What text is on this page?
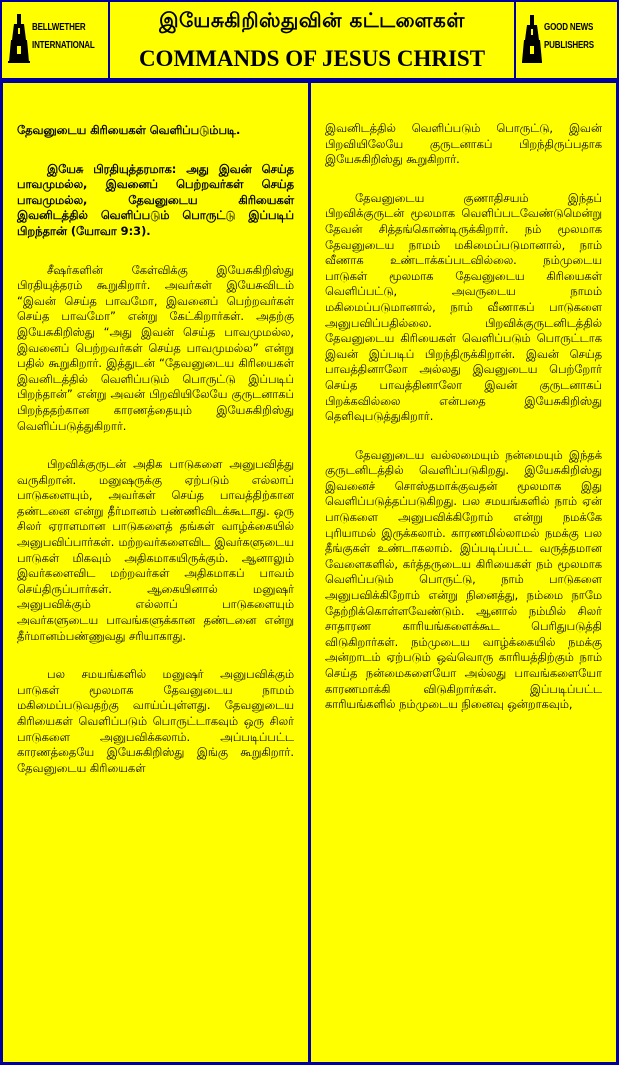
BELLWETHER
INTERNATIONAL
இயேசுகிறிஸ்துவின் கட்டளைகள்
COMMANDS OF JESUS CHRIST
GOOD NEWS
PUBLISHERS

தேவனுடைய கிரியைகள் வெளிப்படும்படி.

இயேசு பிரதியுத்தரமாக: அது இவன் செய்த பாவமுமல்ல, இவனைப் பெற்றவர்கள் செய்த பாவமுமல்ல, தேவனுடைய கிரியைகள் இவனிடத்தில் வெளிப்படும் பொருட்டு இப்படிப் பிறந்தான் (யோவா 9:3).

சீஷர்களின் கேள்விக்கு இயேசுகிறிஸ்து பிரதியுத்தரம் கூறுகிறார். அவர்கள் இயேசுவிடம் “இவன் செய்த பாவமோ, இவனைப் பெற்றவர்கள் செய்த பாவமோ” என்று கேட்கிறார்கள். அதற்கு இயேசுகிறிஸ்து “அது இவன் செய்த பாவமுமல்ல, இவனைப் பெற்றவர்கள் செய்த பாவமுமல்ல” என்று பதில் கூறுகிறார். இத்துடன் “தேவனுடைய கிரியைகள் இவனிடத்தில் வெளிப்படும் பொருட்டு இப்படிப் பிறந்தான்” என்று அவன் பிறவியிலேயே குருடனாகப் பிறந்ததற்கான காரணத்தையும் இயேசுகிறிஸ்து வெளிப்படுத்துகிறார்.

பிறவிக்குருடன் அதிக பாடுகளை அனுபவித்து வருகிறான். மனுஷருக்கு ஏற்படும் எல்லாப் பாடுகளையும், அவர்கள் செய்த பாவத்திற்கான தண்டனை என்று தீர்மானம் பண்ணிவிடக்கூடாது. ஒரு சிலர் ஏராளமான பாடுகளைத் தங்கள் வாழ்க்கையில் அனுபவிப்பார்கள். மற்றவர்களைவிட இவர்களுடைய பாடுகள் மிகவும் அதிகமாகயிருக்கும். ஆனாலும் இவர்களைவிட மற்றவர்கள் அதிகமாகப் பாவம் செய்திருப்பார்கள். ஆகையினால் மனுஷர் அனுபவிக்கும் எல்லாப் பாடுகளையும் அவர்களுடைய பாவங்களுக்கான தண்டனை என்று தீர்மானம்பண்ணுவது சரியாகாது.

பல சமயங்களில் மனுஷர் அனுபவிக்கும் பாடுகள் மூலமாக தேவனுடைய நாமம் மகிமைப்படுவதற்கு வாய்ப்புள்ளது. தேவனுடைய கிரியைகள் வெளிப்படும் பொருட்டாகவும் ஒரு சிலர் பாடுகளை அனுபவிக்கலாம். அப்படிப்பட்ட காரணத்தையே இயேசுகிறிஸ்து இங்கு கூறுகிறார். தேவனுடைய கிரியைகள்

இவனிடத்தில் வெளிப்படும் பொருட்டு, இவன் பிறவியிலேயே குருடனாகப் பிறந்திருப்பதாக இயேசுகிறிஸ்து கூறுகிறார்.

தேவனுடைய குணாதிசயம் இந்தப் பிறவிக்குருடன் மூலமாக வெளிப்படவேண்டுமென்று தேவன் சித்தங்கொண்டிருக்கிறார். நம் மூலமாக தேவனுடைய நாமம் மகிமைப்படுமானால், நாம் வீணாக உண்டாக்கப்படவில்லை. நம்முடைய பாடுகள் மூலமாக தேவனுடைய கிரியைகள் வெளிப்பட்டு, அவருடைய நாமம் மகிமைப்படுமானால், நாம் வீணாகப் பாடுகளை அனுபவிப்பதில்லை. பிறவிக்குருடனிடத்தில் தேவனுடைய கிரியைகள் வெளிப்படும் பொருட்டாக இவன் இப்படிப் பிறந்திருக்கிறான். இவன் செய்த பாவத்தினாலோ அல்லது இவனுடைய பெற்றோர் செய்த பாவத்தினாலோ இவன் குருடனாகப் பிறக்கவில்லை என்பதை இயேசுகிறிஸ்து தெளிவுபடுத்துகிறார்.

தேவனுடைய வல்லமையும் நன்மையும் இந்தக் குருடனிடத்தில் வெளிப்படுகிறது. இயேசுகிறிஸ்து இவனைச் சொஸ்தமாக்குவதன் மூலமாக இது வெளிப்படுத்தப்படுகிறது. பல சமயங்களில் நாம் ஏன் பாடுகளை அனுபவிக்கிறோம் என்று நமக்கே புரியாமல் இருக்கலாம். காரணமில்லாமல் நமக்கு பல தீங்குகள் உண்டாகலாம். இப்படிப்பட்ட வருத்தமான வேளைகளில், கர்த்தருடைய கிரியைகள் நம் மூலமாக வெளிப்படும் பொருட்டு, நாம் பாடுகளை அனுபவிக்கிறோம் என்று நினைத்து, நம்மை நாமே தேற்றிக்கொள்ளவேண்டும். ஆனால் நம்மில் சிலர் சாதாரண காரியங்களைக்கூட பெரிதுபடுத்தி விடுகிறார்கள். நம்முடைய வாழ்க்கையில் நமக்கு அன்றாடம் ஏற்படும் ஒவ்வொரு காரியத்திற்கும் நாம் செய்த நன்மைகளையோ அல்லது பாவங்களையோ காரணமாக்கி விடுகிறார்கள். இப்படிப்பட்ட காரியங்களில் நம்முடைய நினைவு ஒன்றாகவும்,
